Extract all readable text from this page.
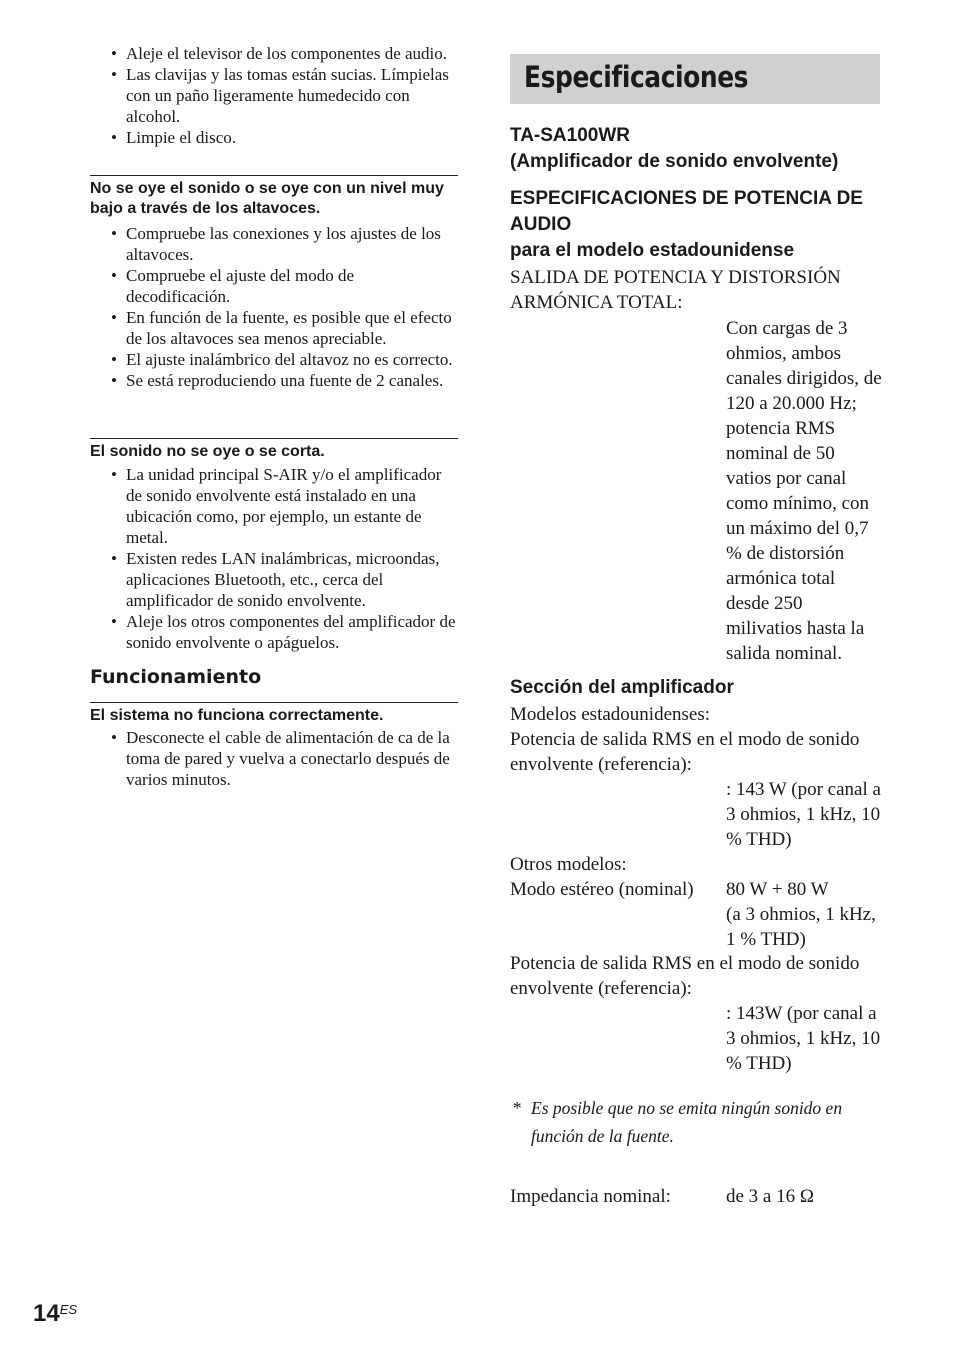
• Aleje el televisor de los componentes de audio.
• Las clavijas y las tomas están sucias. Límpielas con un paño ligeramente humedecido con alcohol.
• Limpie el disco.
No se oye el sonido o se oye con un nivel muy bajo a través de los altavoces.
• Compruebe las conexiones y los ajustes de los altavoces.
• Compruebe el ajuste del modo de decodificación.
• En función de la fuente, es posible que el efecto de los altavoces sea menos apreciable.
• El ajuste inalámbrico del altavoz no es correcto.
• Se está reproduciendo una fuente de 2 canales.
El sonido no se oye o se corta.
• La unidad principal S-AIR y/o el amplificador de sonido envolvente está instalado en una ubicación como, por ejemplo, un estante de metal.
• Existen redes LAN inalámbricas, microondas, aplicaciones Bluetooth, etc., cerca del amplificador de sonido envolvente.
• Aleje los otros componentes del amplificador de sonido envolvente o apáguelos.
Funcionamiento
El sistema no funciona correctamente.
• Desconecte el cable de alimentación de ca de la toma de pared y vuelva a conectarlo después de varios minutos.
Especificaciones
TA-SA100WR
(Amplificador de sonido envolvente)
ESPECIFICACIONES DE POTENCIA DE AUDIO
para el modelo estadounidense
SALIDA DE POTENCIA Y DISTORSIÓN ARMÓNICA TOTAL:
Con cargas de 3 ohmios, ambos canales dirigidos, de 120 a 20.000 Hz; potencia RMS nominal de 50 vatios por canal como mínimo, con un máximo del 0,7 % de distorsión armónica total desde 250 milivatios hasta la salida nominal.
Sección del amplificador
Modelos estadounidenses:
Potencia de salida RMS en el modo de sonido envolvente (referencia):
: 143 W (por canal a 3 ohmios, 1 kHz, 10 % THD)
Otros modelos:
Modo estéreo (nominal) 80 W + 80 W
(a 3 ohmios, 1 kHz, 1 % THD)
Potencia de salida RMS en el modo de sonido envolvente (referencia):
: 143W (por canal a 3 ohmios, 1 kHz, 10 % THD)
* Es posible que no se emita ningún sonido en función de la fuente.
Impedancia nominal:	de 3 a 16 Ω
$14^{ES}$
